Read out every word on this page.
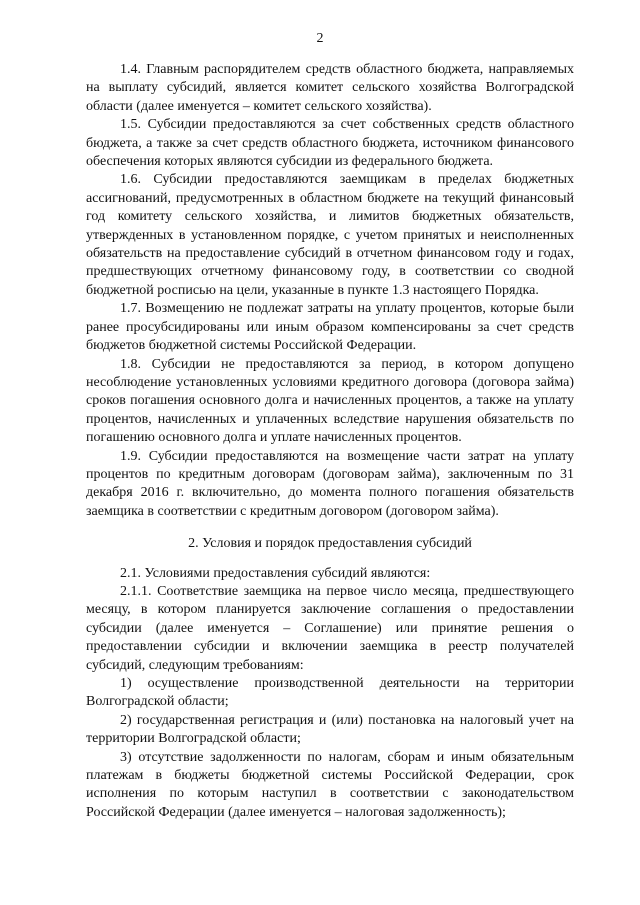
2

1.4. Главным распорядителем средств областного бюджета, направляемых на выплату субсидий, является комитет сельского хозяйства Волгоградской области (далее именуется – комитет сельского хозяйства).

1.5. Субсидии предоставляются за счет собственных средств областного бюджета, а также за счет средств областного бюджета, источником финансового обеспечения которых являются субсидии из федерального бюджета.

1.6. Субсидии предоставляются заемщикам в пределах бюджетных ассигнований, предусмотренных в областном бюджете на текущий финансовый год комитету сельского хозяйства, и лимитов бюджетных обязательств, утвержденных в установленном порядке, с учетом принятых и неисполненных обязательств на предоставление субсидий в отчетном финансовом году и годах, предшествующих отчетному финансовому году, в соответствии со сводной бюджетной росписью на цели, указанные в пункте 1.3 настоящего Порядка.

1.7. Возмещению не подлежат затраты на уплату процентов, которые были ранее просубсидированы или иным образом компенсированы за счет средств бюджетов бюджетной системы Российской Федерации.

1.8. Субсидии не предоставляются за период, в котором допущено несоблюдение установленных условиями кредитного договора (договора займа) сроков погашения основного долга и начисленных процентов, а также на уплату процентов, начисленных и уплаченных вследствие нарушения обязательств по погашению основного долга и уплате начисленных процентов.

1.9. Субсидии предоставляются на возмещение части затрат на уплату процентов по кредитным договорам (договорам займа), заключенным по 31 декабря 2016 г. включительно, до момента полного погашения обязательств заемщика в соответствии с кредитным договором (договором займа).

2. Условия и порядок предоставления субсидий

2.1. Условиями предоставления субсидий являются:

2.1.1. Соответствие заемщика на первое число месяца, предшествующего месяцу, в котором планируется заключение соглашения о предоставлении субсидии (далее именуется – Соглашение) или принятие решения о предоставлении субсидии и включении заемщика в реестр получателей субсидий, следующим требованиям:

1) осуществление производственной деятельности на территории Волгоградской области;

2) государственная регистрация и (или) постановка на налоговый учет на территории Волгоградской области;

3) отсутствие задолженности по налогам, сборам и иным обязательным платежам в бюджеты бюджетной системы Российской Федерации, срок исполнения по которым наступил в соответствии с законодательством Российской Федерации (далее именуется – налоговая задолженность);
